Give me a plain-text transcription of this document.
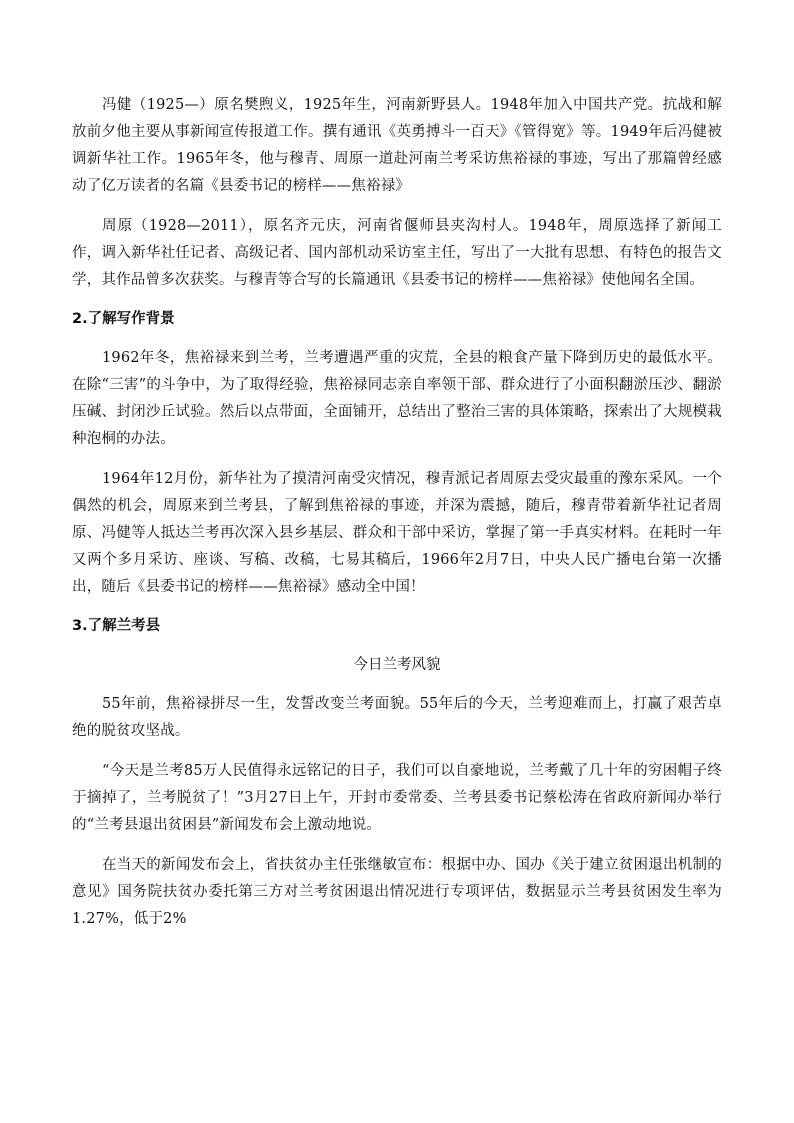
冯健（1925—）原名樊煦义，1925年生，河南新野县人。1948年加入中国共产党。抗战和解放前夕他主要从事新闻宣传报道工作。撰有通讯《英勇搏斗一百天》《管得宽》等。1949年后冯健被调新华社工作。1965年冬，他与穆青、周原一道赴河南兰考采访焦裕禄的事迹，写出了那篇曾经感动了亿万读者的名篇《县委书记的榜样——焦裕禄》

周原（1928—2011），原名齐元庆，河南省偃师县夹沟村人。1948年，周原选择了新闻工作，调入新华社任记者、高级记者、国内部机动采访室主任，写出了一大批有思想、有特色的报告文学，其作品曾多次获奖。与穆青等合写的长篇通讯《县委书记的榜样——焦裕禄》使他闻名全国。

2.了解写作背景

1962年冬，焦裕禄来到兰考，兰考遭遇严重的灾荒，全县的粮食产量下降到历史的最低水平。在除“三害”的斗争中，为了取得经验，焦裕禄同志亲自率领干部、群众进行了小面积翻淤压沙、翻淤压碱、封闭沙丘试验。然后以点带面，全面铺开，总结出了整治三害的具体策略，探索出了大规模栽种泡桐的办法。

1964年12月份，新华社为了摸清河南受灾情况，穆青派记者周原去受灾最重的豫东采风。一个偶然的机会，周原来到兰考县，了解到焦裕禄的事迹，并深为震撼，随后，穆青带着新华社记者周原、冯健等人抵达兰考再次深入县乡基层、群众和干部中采访，掌握了第一手真实材料。在耗时一年又两个多月采访、座谈、写稿、改稿，七易其稿后，1966年2月7日，中央人民广播电台第一次播出，随后《县委书记的榜样——焦裕禄》感动全中国！

3.了解兰考县

今日兰考风貌

55年前，焦裕禄拼尽一生，发誓改变兰考面貌。55年后的今天，兰考迎难而上，打赢了艰苦卓绝的脱贫攻坚战。

“今天是兰考85万人民值得永远铭记的日子，我们可以自豪地说，兰考戴了几十年的穷困帽子终于摘掉了，兰考脱贫了！”3月27日上午，开封市委常委、兰考县委书记蔡松涛在省政府新闻办举行的“兰考县退出贫困县”新闻发布会上激动地说。

在当天的新闻发布会上，省扶贫办主任张继敏宣布：根据中办、国办《关于建立贫困退出机制的意见》国务院扶贫办委托第三方对兰考贫困退出情况进行专项评估，数据显示兰考县贫困发生率为1.27%，低于2%
